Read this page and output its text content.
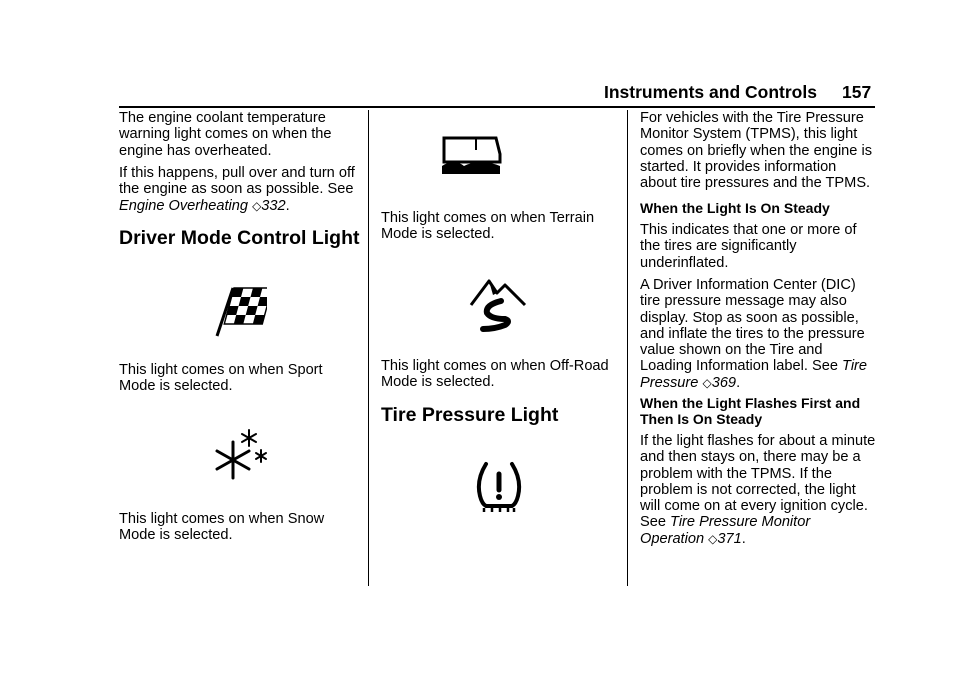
Instruments and Controls 157

The engine coolant temperature warning light comes on when the engine has overheated.

If this happens, pull over and turn off the engine as soon as possible. See Engine Overheating ◇332.

Driver Mode Control Light

This light comes on when Sport Mode is selected.

This light comes on when Snow Mode is selected.

This light comes on when Terrain Mode is selected.

This light comes on when Off-Road Mode is selected.

Tire Pressure Light

For vehicles with the Tire Pressure Monitor System (TPMS), this light comes on briefly when the engine is started. It provides information about tire pressures and the TPMS.

When the Light Is On Steady

This indicates that one or more of the tires are significantly underinflated.

A Driver Information Center (DIC) tire pressure message may also display. Stop as soon as possible, and inflate the tires to the pressure value shown on the Tire and Loading Information label. See Tire Pressure ◇369.

When the Light Flashes First and Then Is On Steady

If the light flashes for about a minute and then stays on, there may be a problem with the TPMS. If the problem is not corrected, the light will come on at every ignition cycle. See Tire Pressure Monitor Operation ◇371.
